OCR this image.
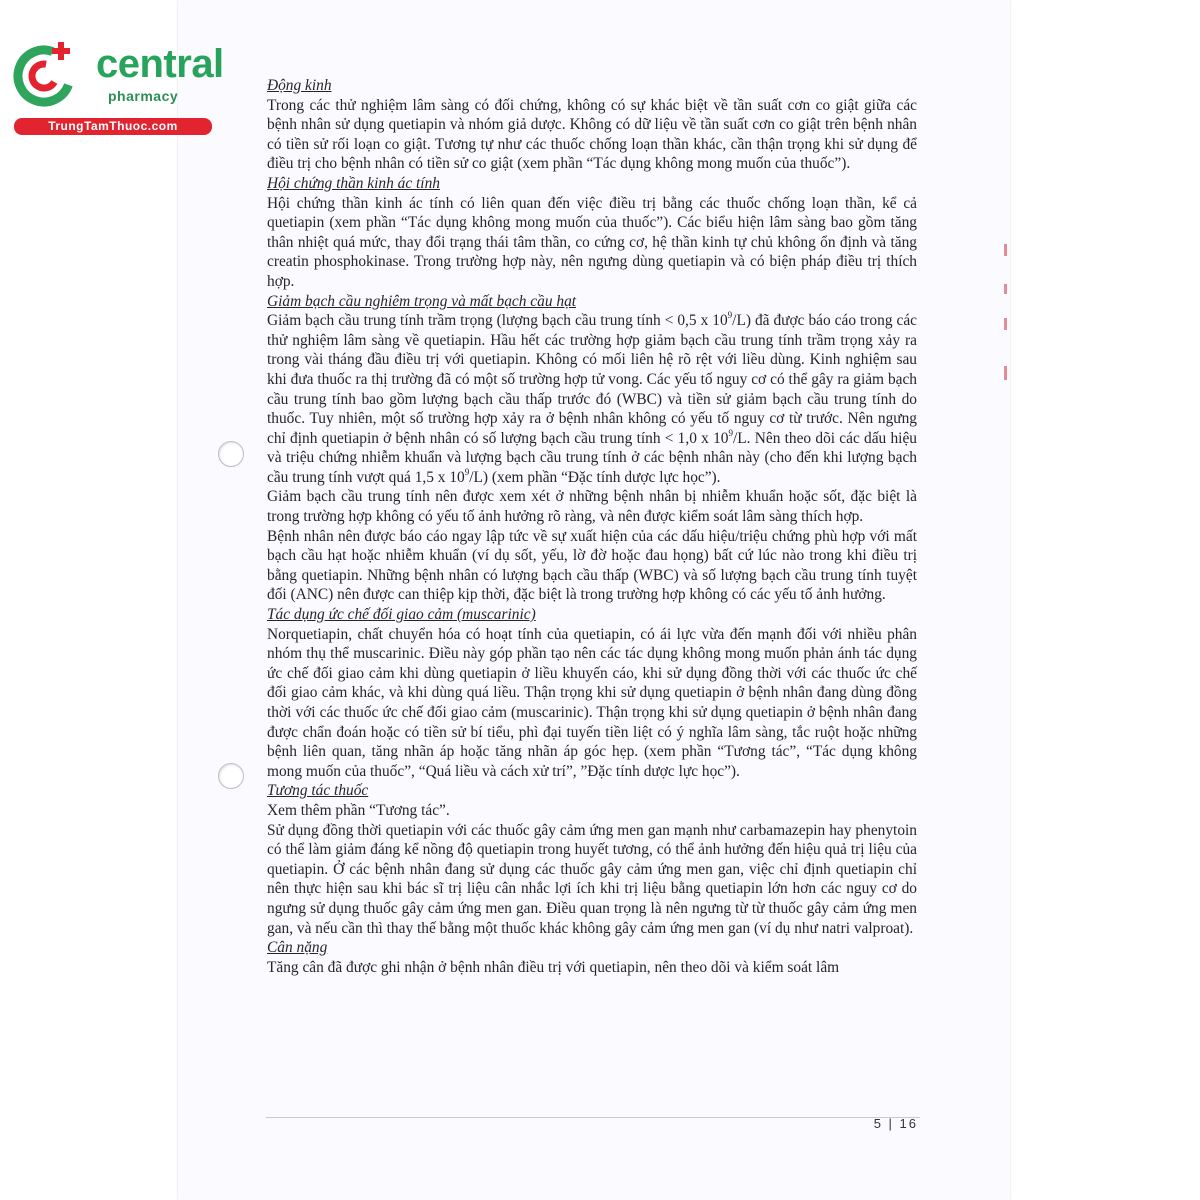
central
pharmacy
TrungTamThuoc.com

Động kinh

Trong các thử nghiệm lâm sàng có đối chứng, không có sự khác biệt về tần suất cơn co giật giữa các bệnh nhân sử dụng quetiapin và nhóm giả dược. Không có dữ liệu về tần suất cơn co giật trên bệnh nhân có tiền sử rối loạn co giật. Tương tự như các thuốc chống loạn thần khác, cần thận trọng khi sử dụng để điều trị cho bệnh nhân có tiền sử co giật (xem phần “Tác dụng không mong muốn của thuốc”).

Hội chứng thần kinh ác tính

Hội chứng thần kinh ác tính có liên quan đến việc điều trị bằng các thuốc chống loạn thần, kể cả quetiapin (xem phần “Tác dụng không mong muốn của thuốc”). Các biểu hiện lâm sàng bao gồm tăng thân nhiệt quá mức, thay đổi trạng thái tâm thần, co cứng cơ, hệ thần kinh tự chủ không ổn định và tăng creatin phosphokinase. Trong trường hợp này, nên ngưng dùng quetiapin và có biện pháp điều trị thích hợp.

Giảm bạch cầu nghiêm trọng và mất bạch cầu hạt

Giảm bạch cầu trung tính trầm trọng (lượng bạch cầu trung tính < 0,5 x $10^9/L$) đã được báo cáo trong các thử nghiệm lâm sàng về quetiapin. Hầu hết các trường hợp giảm bạch cầu trung tính trầm trọng xảy ra trong vài tháng đầu điều trị với quetiapin. Không có mối liên hệ rõ rệt với liều dùng. Kinh nghiệm sau khi đưa thuốc ra thị trường đã có một số trường hợp tử vong. Các yếu tố nguy cơ có thể gây ra giảm bạch cầu trung tính bao gồm lượng bạch cầu thấp trước đó (WBC) và tiền sử giảm bạch cầu trung tính do thuốc. Tuy nhiên, một số trường hợp xảy ra ở bệnh nhân không có yếu tố nguy cơ từ trước. Nên ngưng chỉ định quetiapin ở bệnh nhân có số lượng bạch cầu trung tính < 1,0 x $10^9/L$. Nên theo dõi các dấu hiệu và triệu chứng nhiễm khuẩn và lượng bạch cầu trung tính ở các bệnh nhân này (cho đến khi lượng bạch cầu trung tính vượt quá 1,5 x $10^9/L$) (xem phần “Đặc tính dược lực học”).

Giảm bạch cầu trung tính nên được xem xét ở những bệnh nhân bị nhiễm khuẩn hoặc sốt, đặc biệt là trong trường hợp không có yếu tố ảnh hưởng rõ ràng, và nên được kiểm soát lâm sàng thích hợp.

Bệnh nhân nên được báo cáo ngay lập tức về sự xuất hiện của các dấu hiệu/triệu chứng phù hợp với mất bạch cầu hạt hoặc nhiễm khuẩn (ví dụ sốt, yếu, lờ đờ hoặc đau họng) bất cứ lúc nào trong khi điều trị bằng quetiapin. Những bệnh nhân có lượng bạch cầu thấp (WBC) và số lượng bạch cầu trung tính tuyệt đối (ANC) nên được can thiệp kịp thời, đặc biệt là trong trường hợp không có các yếu tố ảnh hưởng.

Tác dụng ức chế đối giao cảm (muscarinic)

Norquetiapin, chất chuyển hóa có hoạt tính của quetiapin, có ái lực vừa đến mạnh đối với nhiều phân nhóm thụ thể muscarinic. Điều này góp phần tạo nên các tác dụng không mong muốn phản ánh tác dụng ức chế đối giao cảm khi dùng quetiapin ở liều khuyến cáo, khi sử dụng đồng thời với các thuốc ức chế đối giao cảm khác, và khi dùng quá liều. Thận trọng khi sử dụng quetiapin ở bệnh nhân đang dùng đồng thời với các thuốc ức chế đối giao cảm (muscarinic). Thận trọng khi sử dụng quetiapin ở bệnh nhân đang được chẩn đoán hoặc có tiền sử bí tiểu, phì đại tuyến tiền liệt có ý nghĩa lâm sàng, tắc ruột hoặc những bệnh liên quan, tăng nhãn áp hoặc tăng nhãn áp góc hẹp. (xem phần “Tương tác”, “Tác dụng không mong muốn của thuốc”, “Quá liều và cách xử trí”, ”Đặc tính dược lực học”).

Tương tác thuốc

Xem thêm phần “Tương tác”.

Sử dụng đồng thời quetiapin với các thuốc gây cảm ứng men gan mạnh như carbamazepin hay phenytoin có thể làm giảm đáng kể nồng độ quetiapin trong huyết tương, có thể ảnh hưởng đến hiệu quả trị liệu của quetiapin. Ở các bệnh nhân đang sử dụng các thuốc gây cảm ứng men gan, việc chỉ định quetiapin chỉ nên thực hiện sau khi bác sĩ trị liệu cân nhắc lợi ích khi trị liệu bằng quetiapin lớn hơn các nguy cơ do ngưng sử dụng thuốc gây cảm ứng men gan. Điều quan trọng là nên ngưng từ từ thuốc gây cảm ứng men gan, và nếu cần thì thay thế bằng một thuốc khác không gây cảm ứng men gan (ví dụ như natri valproat).

Cân nặng

Tăng cân đã được ghi nhận ở bệnh nhân điều trị với quetiapin, nên theo dõi và kiểm soát lâm

5 | 16
